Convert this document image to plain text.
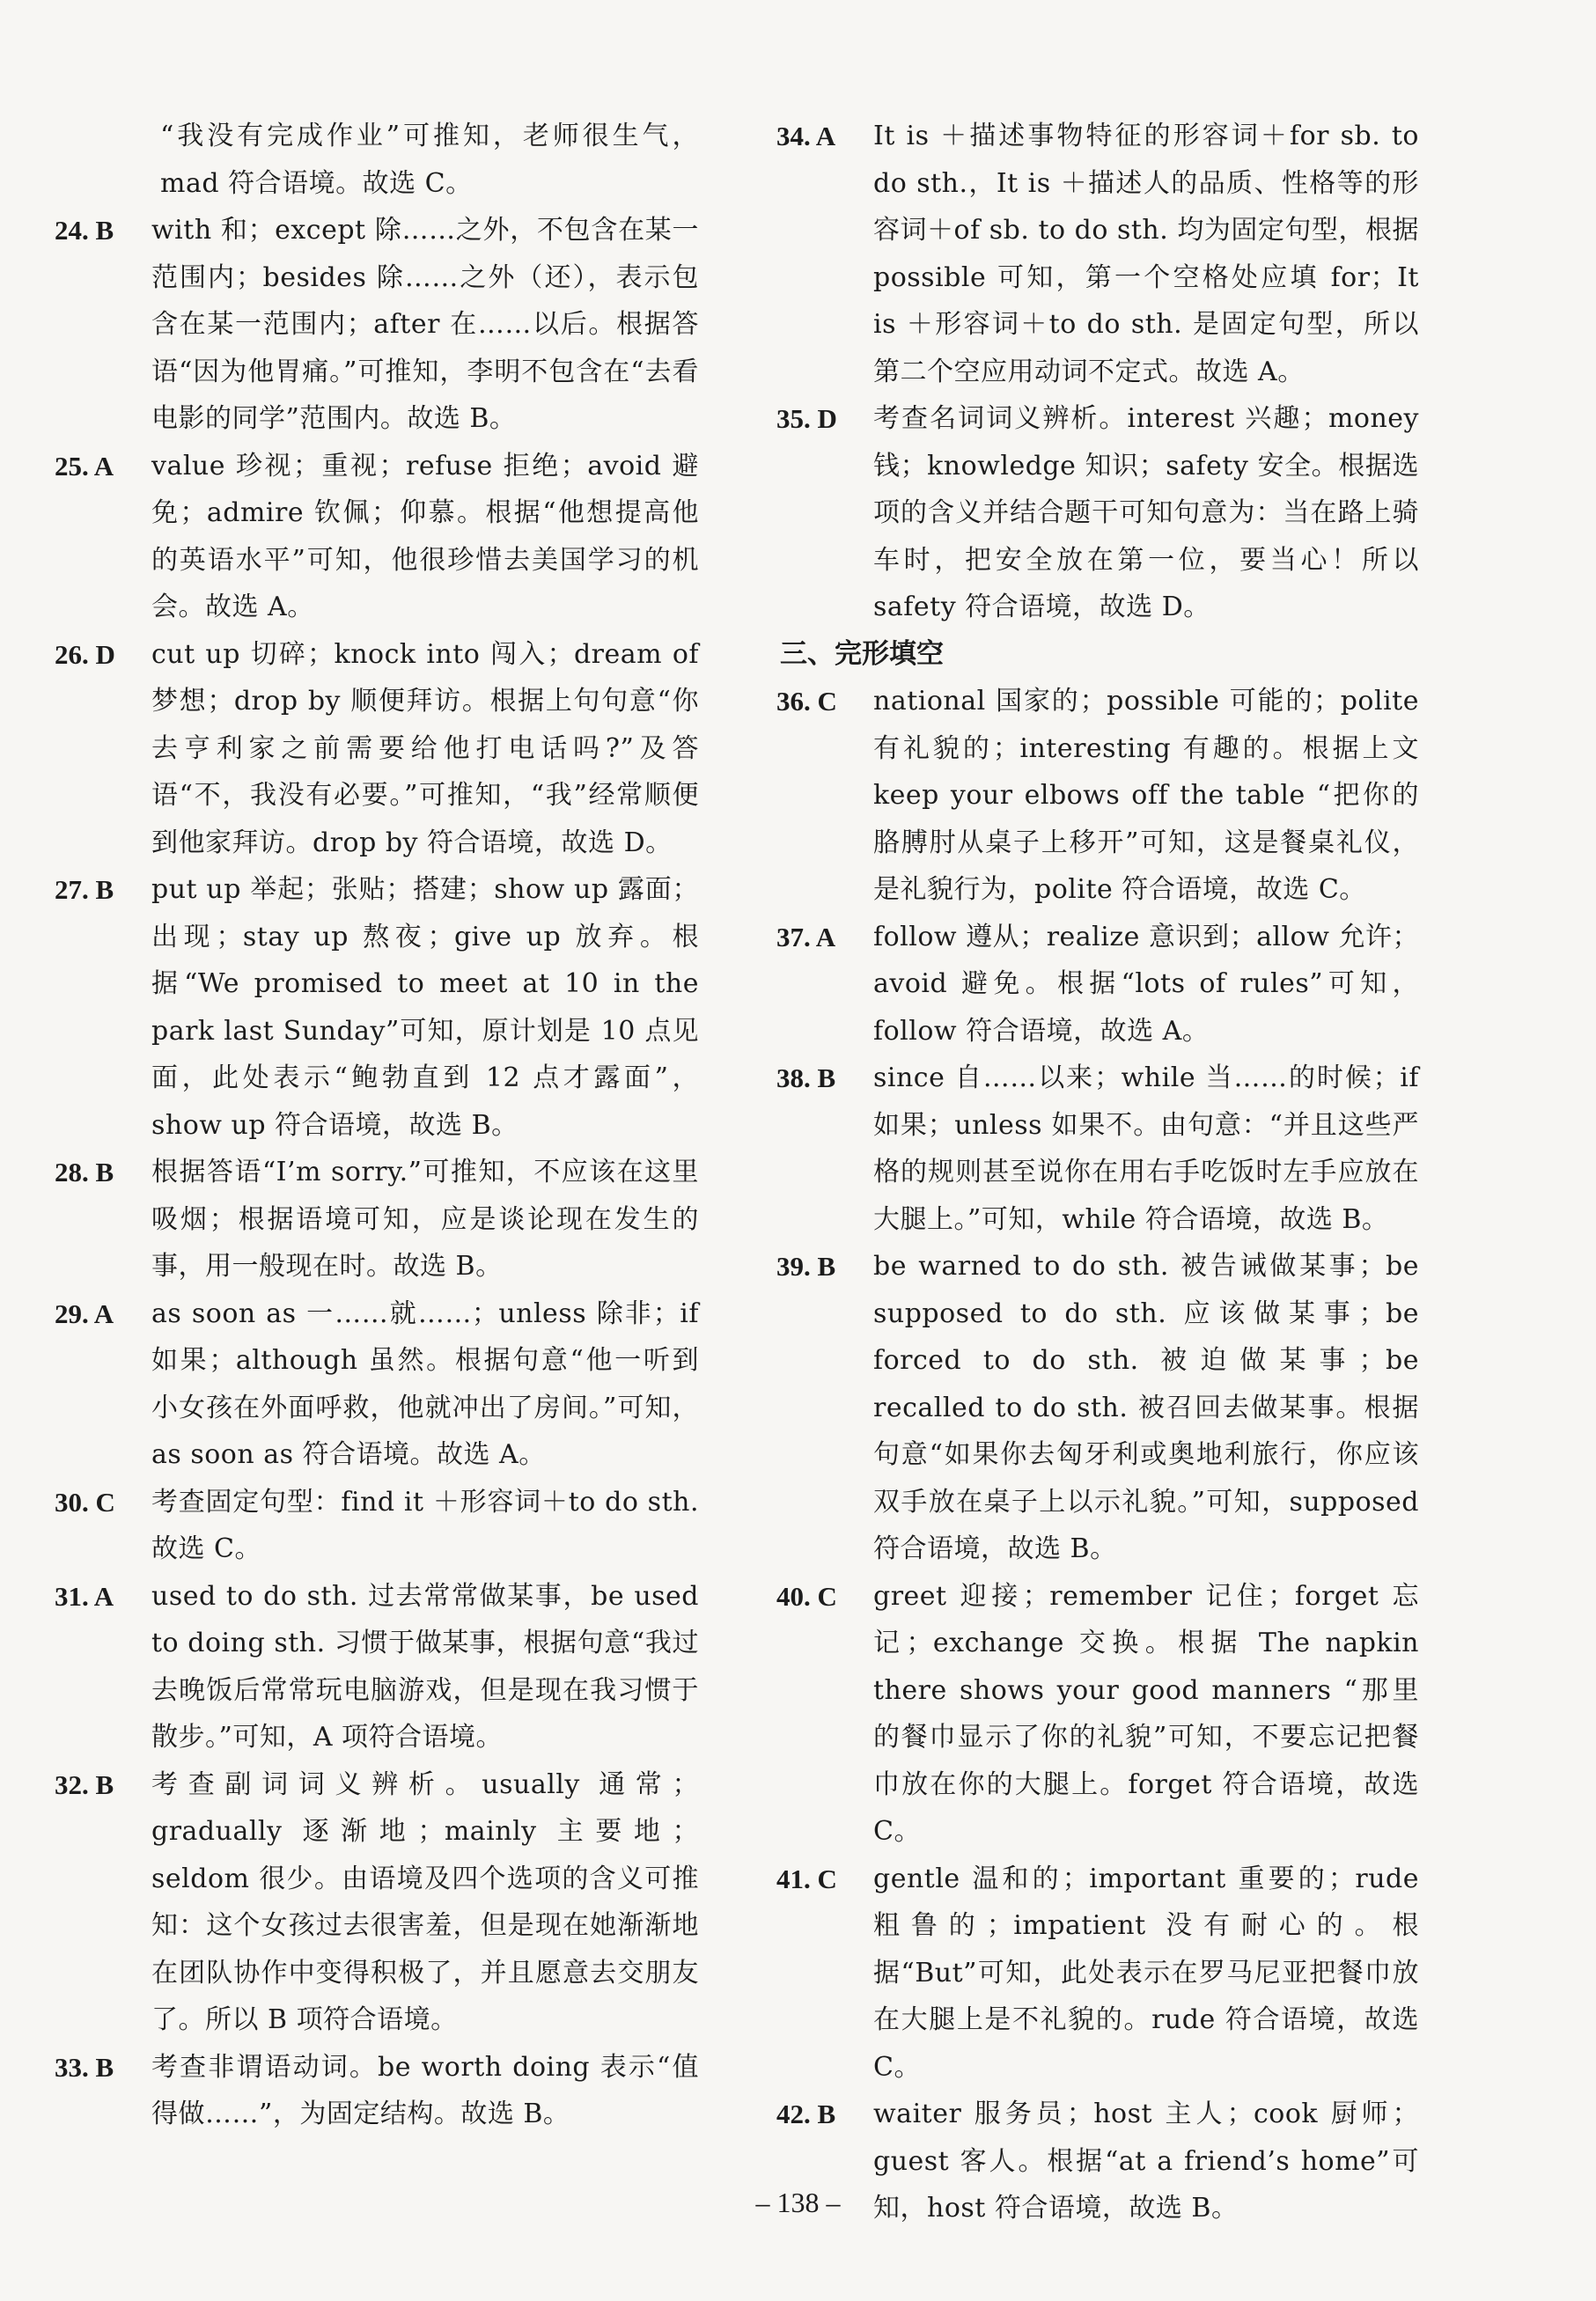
“我没有完成作业”可推知，老师很生气，mad 符合语境。故选 C。
24. B	with 和；except 除……之外，不包含在某一范围内；besides 除……之外（还），表示包含在某一范围内；after 在……以后。根据答语“因为他胃痛。”可推知，李明不包含在“去看电影的同学”范围内。故选 B。
25. A	value 珍视；重视；refuse 拒绝；avoid 避免；admire 钦佩；仰慕。根据“他想提高他的英语水平”可知，他很珍惜去美国学习的机会。故选 A。
26. D	cut up 切碎；knock into 闯入；dream of 梦想；drop by 顺便拜访。根据上句句意“你去亨利家之前需要给他打电话吗?”及答语“不，我没有必要。”可推知，“我”经常顺便到他家拜访。drop by 符合语境，故选 D。
27. B	put up 举起；张贴；搭建；show up 露面；出现；stay up 熬夜；give up 放弃。根据“We promised to meet at 10 in the park last Sunday”可知，原计划是 10 点见面，此处表示“鲍勃直到 12 点才露面”，show up 符合语境，故选 B。
28. B	根据答语“I’m sorry.”可推知，不应该在这里吸烟；根据语境可知，应是谈论现在发生的事，用一般现在时。故选 B。
29. A	as soon as 一……就……；unless 除非；if 如果；although 虽然。根据句意“他一听到小女孩在外面呼救，他就冲出了房间。”可知，as soon as 符合语境。故选 A。
30. C	考查固定句型：find it ＋形容词＋to do sth. 故选 C。
31. A	used to do sth. 过去常常做某事，be used to doing sth. 习惯于做某事，根据句意“我过去晚饭后常常玩电脑游戏，但是现在我习惯于散步。”可知，A 项符合语境。
32. B	考查副词词义辨析。usually 通常；gradually 逐渐地；mainly 主要地；seldom 很少。由语境及四个选项的含义可推知：这个女孩过去很害羞，但是现在她渐渐地在团队协作中变得积极了，并且愿意去交朋友了。所以 B 项符合语境。
33. B	考查非谓语动词。be worth doing 表示“值得做……”，为固定结构。故选 B。
34. A	It is ＋描述事物特征的形容词＋for sb. to do sth.，It is ＋描述人的品质、性格等的形容词＋of sb. to do sth. 均为固定句型，根据 possible 可知，第一个空格处应填 for；It is ＋形容词＋to do sth. 是固定句型，所以第二个空应用动词不定式。故选 A。
35. D	考查名词词义辨析。interest 兴趣；money 钱；knowledge 知识；safety 安全。根据选项的含义并结合题干可知句意为：当在路上骑车时，把安全放在第一位，要当心！所以 safety 符合语境，故选 D。
三、完形填空
36. C	national 国家的；possible 可能的；polite 有礼貌的；interesting 有趣的。根据上文 keep your elbows off the table “把你的胳膊肘从桌子上移开”可知，这是餐桌礼仪，是礼貌行为，polite 符合语境，故选 C。
37. A	follow 遵从；realize 意识到；allow 允许；avoid 避免。根据“lots of rules”可知，follow 符合语境，故选 A。
38. B	since 自……以来；while 当……的时候；if 如果；unless 如果不。由句意：“并且这些严格的规则甚至说你在用右手吃饭时左手应放在大腿上。”可知，while 符合语境，故选 B。
39. B	be warned to do sth. 被告诫做某事；be supposed to do sth. 应该做某事；be forced to do sth. 被迫做某事；be recalled to do sth. 被召回去做某事。根据句意“如果你去匈牙利或奥地利旅行，你应该双手放在桌子上以示礼貌。”可知，supposed 符合语境，故选 B。
40. C	greet 迎接；remember 记住；forget 忘记；exchange 交换。根据 The napkin there shows your good manners “那里的餐巾显示了你的礼貌”可知，不要忘记把餐巾放在你的大腿上。forget 符合语境，故选 C。
41. C	gentle 温和的；important 重要的；rude 粗鲁的；impatient 没有耐心的。根据“But”可知，此处表示在罗马尼亚把餐巾放在大腿上是不礼貌的。rude 符合语境，故选 C。
42. B	waiter 服务员；host 主人；cook 厨师；guest 客人。根据“at a friend’s home”可知，host 符合语境，故选 B。
– 138 –
